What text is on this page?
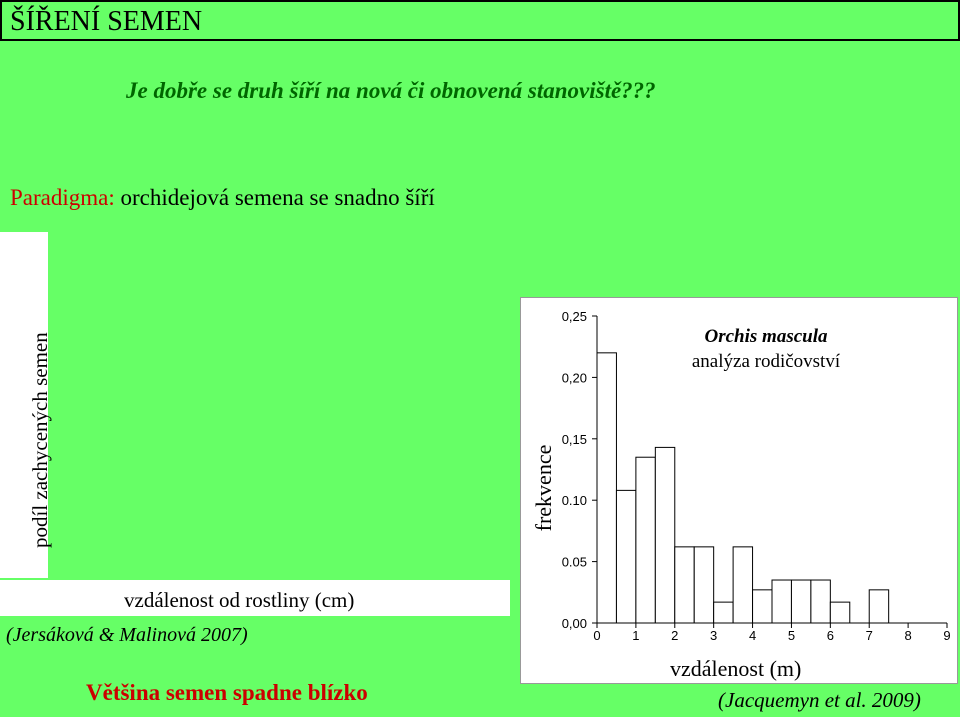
ŠÍŘENÍ SEMEN
Je dobře se druh šíří na nová či obnovená stanoviště???
Paradigma: orchidejová semena se snadno šíří
podíl zachycených semen
vzdálenost od rostliny (cm)
(Jersáková & Malinová 2007)
Většina semen spadne blízko
0,00
0.05
0.10
0,15
0,20
0,25
0 1 2 3 4 5 6 7 8 9
Orchis mascula
analýza rodičovství
frekvence
vzdálenost (m)
(Jacquemyn et al. 2009)
